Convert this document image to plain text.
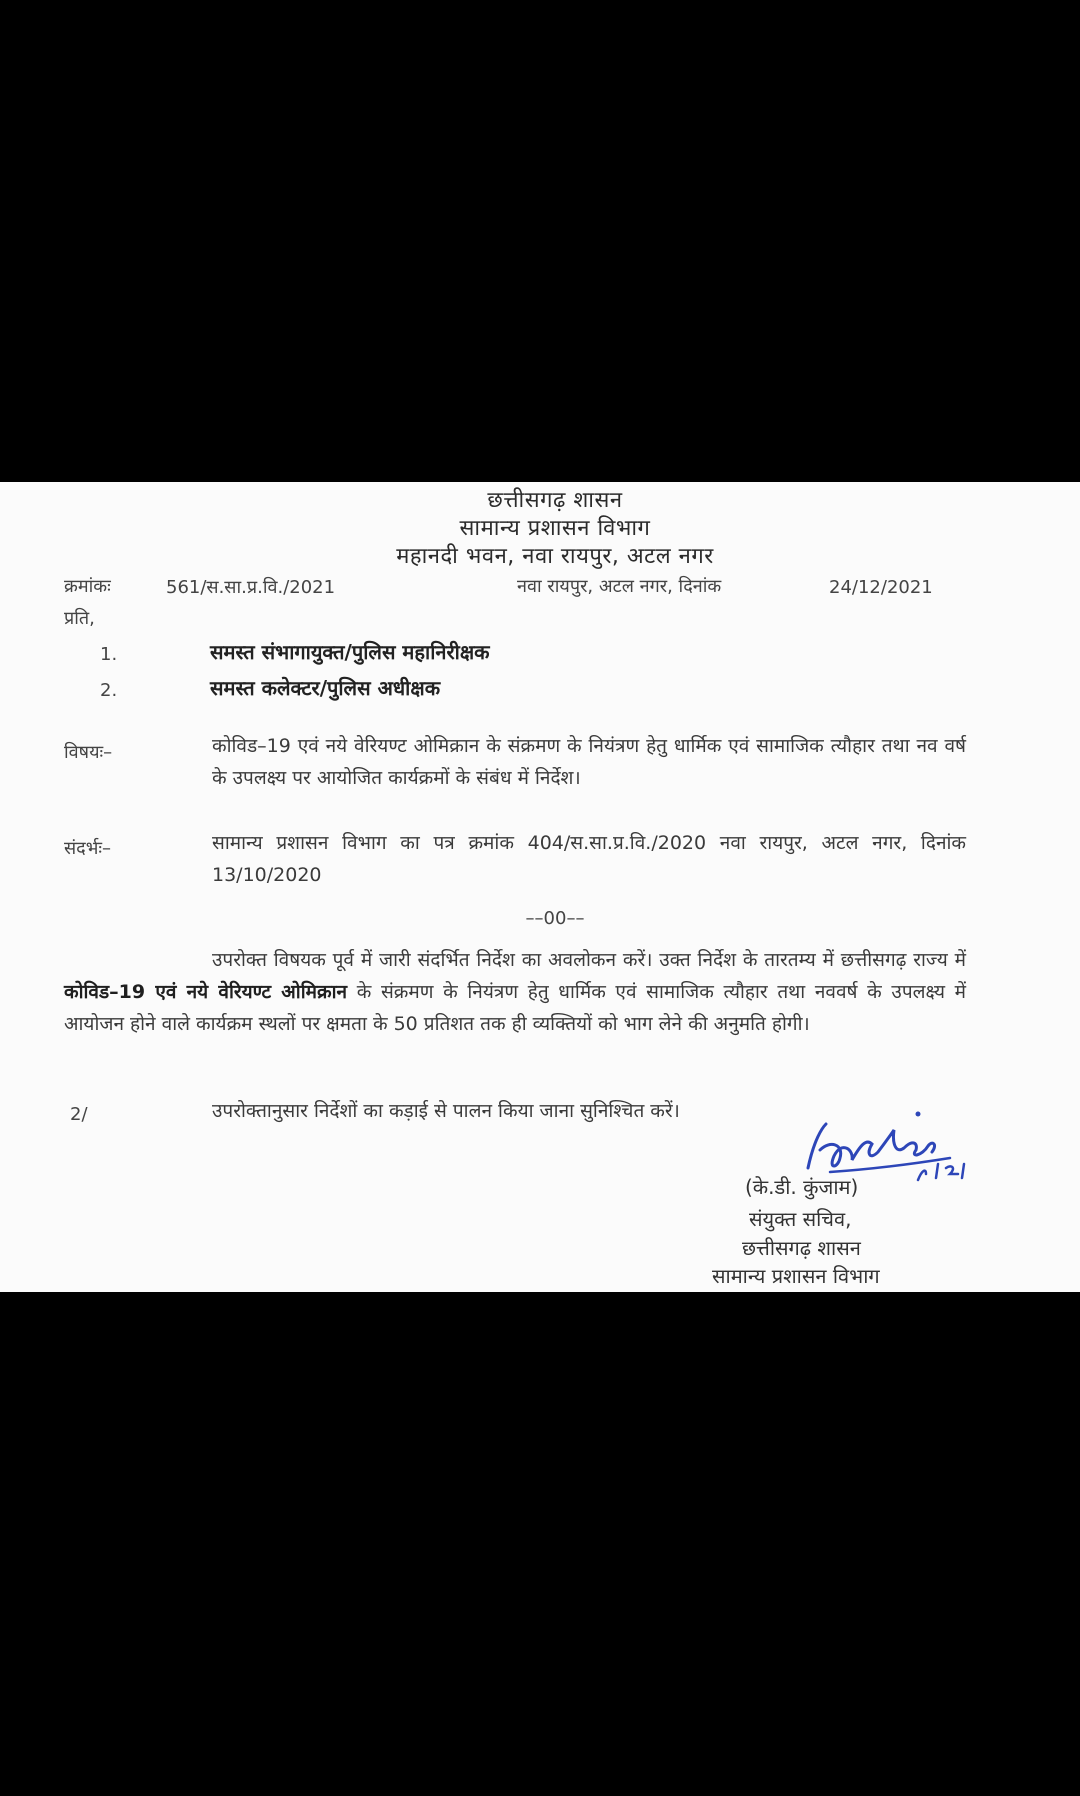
छत्तीसगढ़ शासन
सामान्य प्रशासन विभाग
महानदी भवन, नवा रायपुर, अटल नगर
क्रमांकः	561/स.सा.प्र.वि./2021	नवा रायपुर, अटल नगर, दिनांक	24/12/2021
प्रति,
1.	समस्त संभागायुक्त/पुलिस महानिरीक्षक
2.	समस्त कलेक्टर/पुलिस अधीक्षक
विषयः–	कोविड–19 एवं नये वेरियण्ट ओमिक्रान के संक्रमण के नियंत्रण हेतु धार्मिक एवं सामाजिक त्यौहार तथा नव वर्ष के उपलक्ष्य पर आयोजित कार्यक्रमों के संबंध में निर्देश।
संदर्भः–	सामान्य प्रशासन विभाग का पत्र क्रमांक 404/स.सा.प्र.वि./2020 नवा रायपुर, अटल नगर, दिनांक 13/10/2020
––00––
उपरोक्त विषयक पूर्व में जारी संदर्भित निर्देश का अवलोकन करें। उक्त निर्देश के तारतम्य में छत्तीसगढ़ राज्य में कोविड–19 एवं नये वेरियण्ट ओमिक्रान के संक्रमण के नियंत्रण हेतु धार्मिक एवं सामाजिक त्यौहार तथा नववर्ष के उपलक्ष्य में आयोजन होने वाले कार्यक्रम स्थलों पर क्षमता के 50 प्रतिशत तक ही व्यक्तियों को भाग लेने की अनुमति होगी।
2/	उपरोक्तानुसार निर्देशों का कड़ाई से पालन किया जाना सुनिश्चित करें।
(के.डी. कुंजाम)
संयुक्त सचिव,
छत्तीसगढ़ शासन
सामान्य प्रशासन विभाग
